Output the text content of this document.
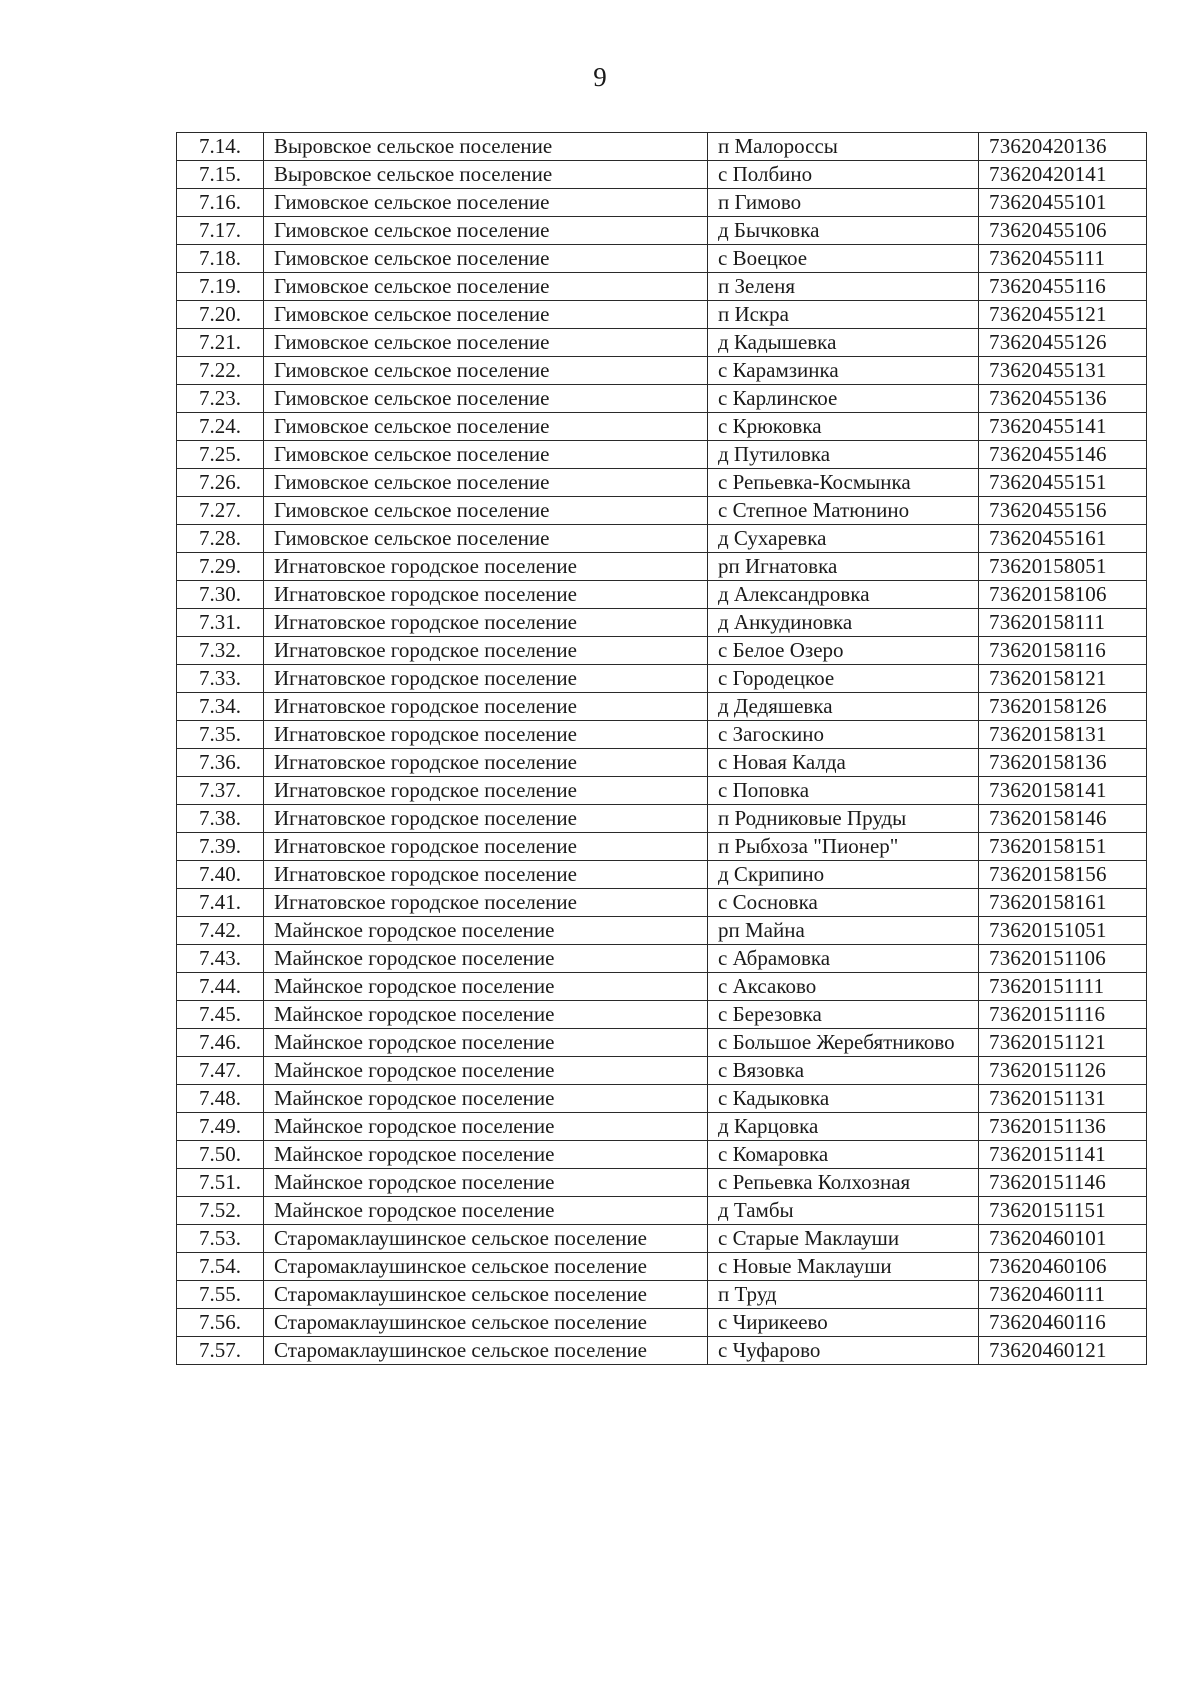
9
7.14.	Выровское сельское поселение	п Малороссы	73620420136
7.15.	Выровское сельское поселение	с Полбино	73620420141
7.16.	Гимовское сельское поселение	п Гимово	73620455101
7.17.	Гимовское сельское поселение	д Бычковка	73620455106
7.18.	Гимовское сельское поселение	с Воецкое	73620455111
7.19.	Гимовское сельское поселение	п Зеленя	73620455116
7.20.	Гимовское сельское поселение	п Искра	73620455121
7.21.	Гимовское сельское поселение	д Кадышевка	73620455126
7.22.	Гимовское сельское поселение	с Карамзинка	73620455131
7.23.	Гимовское сельское поселение	с Карлинское	73620455136
7.24.	Гимовское сельское поселение	с Крюковка	73620455141
7.25.	Гимовское сельское поселение	д Путиловка	73620455146
7.26.	Гимовское сельское поселение	с Репьевка-Космынка	73620455151
7.27.	Гимовское сельское поселение	с Степное Матюнино	73620455156
7.28.	Гимовское сельское поселение	д Сухаревка	73620455161
7.29.	Игнатовское городское поселение	рп Игнатовка	73620158051
7.30.	Игнатовское городское поселение	д Александровка	73620158106
7.31.	Игнатовское городское поселение	д Анкудиновка	73620158111
7.32.	Игнатовское городское поселение	с Белое Озеро	73620158116
7.33.	Игнатовское городское поселение	с Городецкое	73620158121
7.34.	Игнатовское городское поселение	д Дедяшевка	73620158126
7.35.	Игнатовское городское поселение	с Загоскино	73620158131
7.36.	Игнатовское городское поселение	с Новая Калда	73620158136
7.37.	Игнатовское городское поселение	с Поповка	73620158141
7.38.	Игнатовское городское поселение	п Родниковые Пруды	73620158146
7.39.	Игнатовское городское поселение	п Рыбхоза "Пионер"	73620158151
7.40.	Игнатовское городское поселение	д Скрипино	73620158156
7.41.	Игнатовское городское поселение	с Сосновка	73620158161
7.42.	Майнское городское поселение	рп Майна	73620151051
7.43.	Майнское городское поселение	с Абрамовка	73620151106
7.44.	Майнское городское поселение	с Аксаково	73620151111
7.45.	Майнское городское поселение	с Березовка	73620151116
7.46.	Майнское городское поселение	с Большое Жеребятниково	73620151121
7.47.	Майнское городское поселение	с Вязовка	73620151126
7.48.	Майнское городское поселение	с Кадыковка	73620151131
7.49.	Майнское городское поселение	д Карцовка	73620151136
7.50.	Майнское городское поселение	с Комаровка	73620151141
7.51.	Майнское городское поселение	с Репьевка Колхозная	73620151146
7.52.	Майнское городское поселение	д Тамбы	73620151151
7.53.	Старомаклаушинское сельское поселение	с Старые Маклауши	73620460101
7.54.	Старомаклаушинское сельское поселение	с Новые Маклауши	73620460106
7.55.	Старомаклаушинское сельское поселение	п Труд	73620460111
7.56.	Старомаклаушинское сельское поселение	с Чирикеево	73620460116
7.57.	Старомаклаушинское сельское поселение	с Чуфарово	73620460121
